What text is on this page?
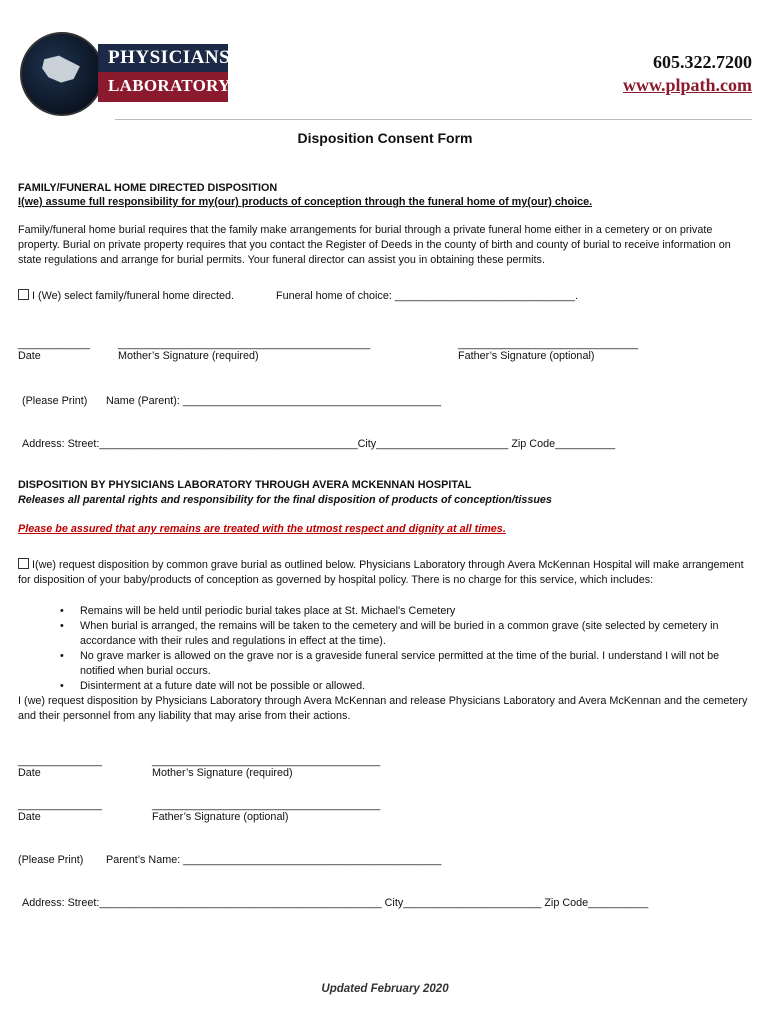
PHYSICIANS
LABORATORY
605.322.7200
www.plpath.com
Disposition Consent Form
FAMILY/FUNERAL HOME DIRECTED DISPOSITION
I(we) assume full responsibility for my(our) products of conception through the funeral home of my(our) choice.
Family/funeral home burial requires that the family make arrangements for burial through a private funeral home either in a cemetery or on private property. Burial on private property requires that you contact the Register of Deeds in the county of birth and county of burial to receive information on state regulations and arrange for burial permits. Your funeral director can assist you in obtaining these permits.
I (We) select family/funeral home directed.	Funeral home of choice: ______________________________.
____________	__________________________________________	______________________________
Date	Mother’s Signature (required)	Father’s Signature (optional)
(Please Print) Name (Parent): ___________________________________________
Address: Street:___________________________________________City______________________ Zip Code__________
DISPOSITION BY PHYSICIANS LABORATORY THROUGH AVERA MCKENNAN HOSPITAL
Releases all parental rights and responsibility for the final disposition of products of conception/tissues
Please be assured that any remains are treated with the utmost respect and dignity at all times.
I(we) request disposition by common grave burial as outlined below. Physicians Laboratory through Avera McKennan Hospital will make arrangement for disposition of your baby/products of conception as governed by hospital policy. There is no charge for this service, which includes:
• Remains will be held until periodic burial takes place at St. Michael's Cemetery
• When burial is arranged, the remains will be taken to the cemetery and will be buried in a common grave (site selected by cemetery in accordance with their rules and regulations in effect at the time).
• No grave marker is allowed on the grave nor is a graveside funeral service permitted at the time of the burial. I understand I will not be notified when burial occurs.
• Disinterment at a future date will not be possible or allowed.
I (we) request disposition by Physicians Laboratory through Avera McKennan and release Physicians Laboratory and Avera McKennan and the cemetery and their personnel from any liability that may arise from their actions.
______________	______________________________________
Date	Mother’s Signature (required)
______________	______________________________________
Date	Father’s Signature (optional)
(Please Print) Parent’s Name: ___________________________________________
Address: Street:_______________________________________________ City_______________________ Zip Code__________
Updated February 2020
